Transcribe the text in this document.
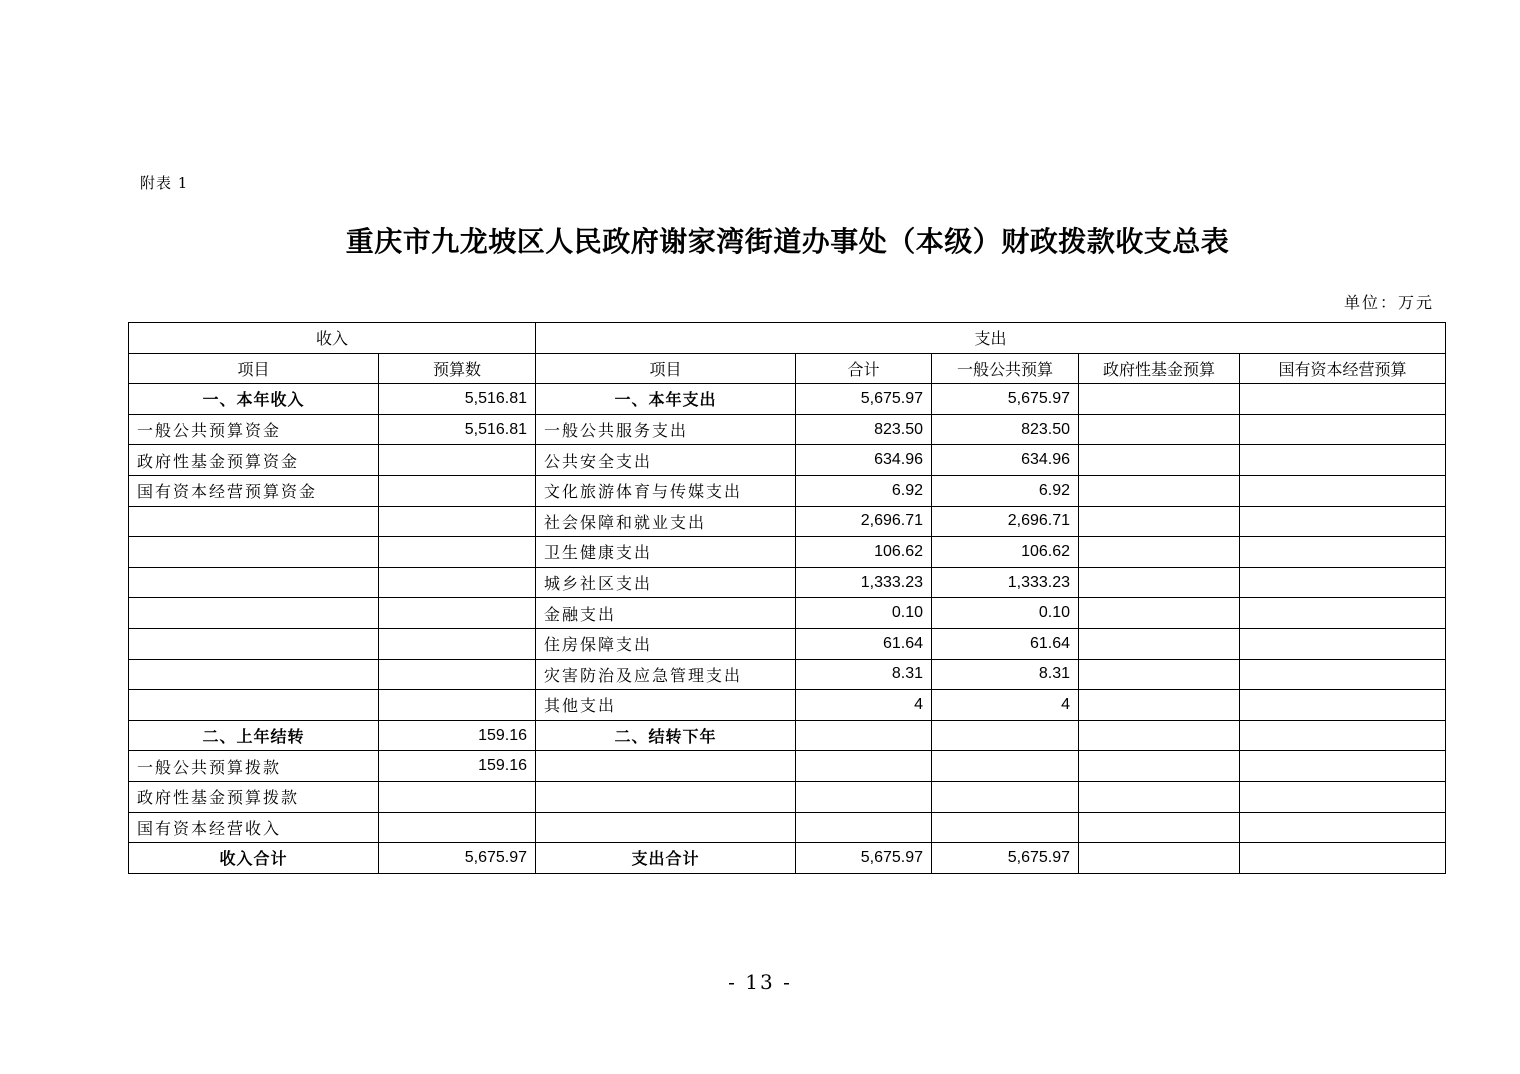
附表 1
重庆市九龙坡区人民政府谢家湾街道办事处（本级）财政拨款收支总表
单位：万元
收入		支出				
项目	预算数	项目	合计	一般公共预算	政府性基金预算	国有资本经营预算
一、本年收入	5,516.81	一、本年支出	5,675.97	5,675.97		
一般公共预算资金	5,516.81	一般公共服务支出	823.50	823.50		
政府性基金预算资金		公共安全支出	634.96	634.96		
国有资本经营预算资金		文化旅游体育与传媒支出	6.92	6.92		
		社会保障和就业支出	2,696.71	2,696.71		
		卫生健康支出	106.62	106.62		
		城乡社区支出	1,333.23	1,333.23		
		金融支出	0.10	0.10		
		住房保障支出	61.64	61.64		
		灾害防治及应急管理支出	8.31	8.31		
		其他支出	4	4		
二、上年结转	159.16	二、结转下年				
一般公共预算拨款	159.16					
政府性基金预算拨款						
国有资本经营收入						
收入合计	5,675.97	支出合计	5,675.97	5,675.97		
- 13 -
